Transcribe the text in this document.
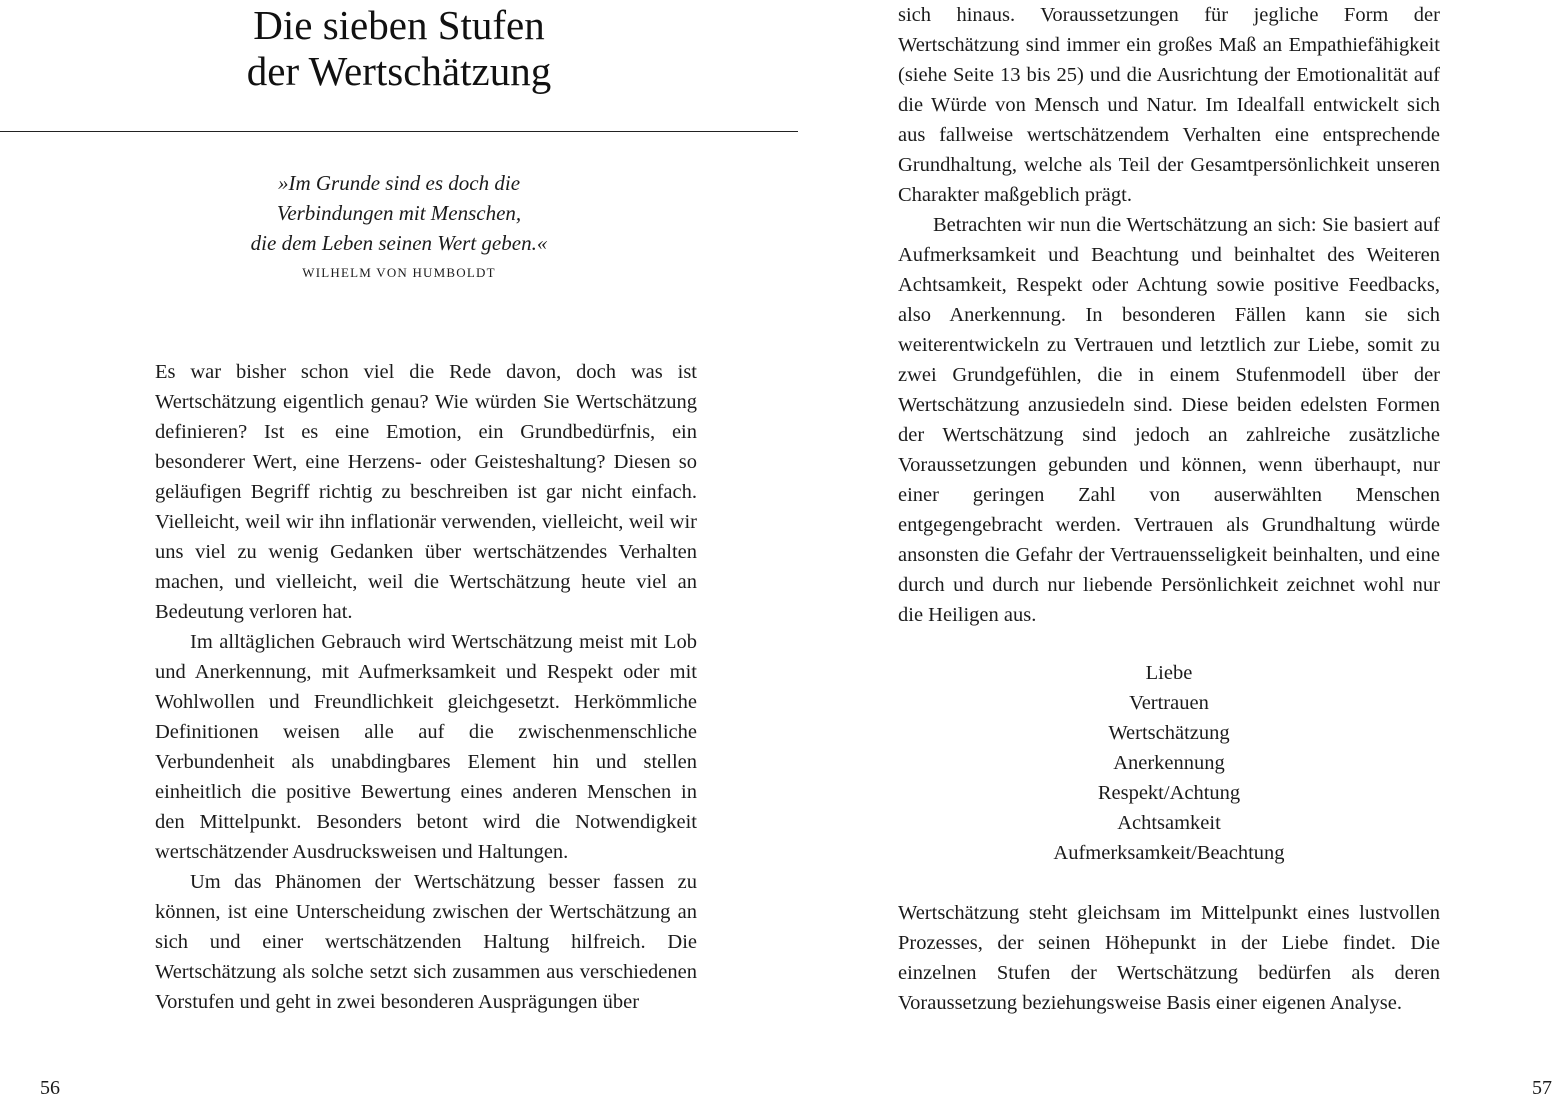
Die sieben Stufen
der Wertschätzung
»Im Grunde sind es doch die
Verbindungen mit Menschen,
die dem Leben seinen Wert geben.«
WILHELM VON HUMBOLDT

Es war bisher schon viel die Rede davon, doch was ist Wertschätzung eigentlich genau? Wie würden Sie Wertschätzung definieren? Ist es eine Emotion, ein Grundbedürfnis, ein besonderer Wert, eine Herzens- oder Geisteshaltung? Diesen so geläufigen Begriff richtig zu beschreiben ist gar nicht einfach. Vielleicht, weil wir ihn inflationär verwenden, vielleicht, weil wir uns viel zu wenig Gedanken über wertschätzendes Verhalten machen, und vielleicht, weil die Wertschätzung heute viel an Bedeutung verloren hat.

Im alltäglichen Gebrauch wird Wertschätzung meist mit Lob und Anerkennung, mit Aufmerksamkeit und Respekt oder mit Wohlwollen und Freundlichkeit gleichgesetzt. Herkömmliche Definitionen weisen alle auf die zwischenmenschliche Verbundenheit als unabdingbares Element hin und stellen einheitlich die positive Bewertung eines anderen Menschen in den Mittelpunkt. Besonders betont wird die Notwendigkeit wertschätzender Ausdrucksweisen und Haltungen.

Um das Phänomen der Wertschätzung besser fassen zu können, ist eine Unterscheidung zwischen der Wertschätzung an sich und einer wertschätzenden Haltung hilfreich. Die Wertschätzung als solche setzt sich zusammen aus verschiedenen Vorstufen und geht in zwei besonderen Ausprägungen über

56

sich hinaus. Voraussetzungen für jegliche Form der Wertschätzung sind immer ein großes Maß an Empathiefähigkeit (siehe Seite 13 bis 25) und die Ausrichtung der Emotionalität auf die Würde von Mensch und Natur. Im Idealfall entwickelt sich aus fallweise wertschätzendem Verhalten eine entsprechende Grundhaltung, welche als Teil der Gesamtpersönlichkeit unseren Charakter maßgeblich prägt.

Betrachten wir nun die Wertschätzung an sich: Sie basiert auf Aufmerksamkeit und Beachtung und beinhaltet des Weiteren Achtsamkeit, Respekt oder Achtung sowie positive Feedbacks, also Anerkennung. In besonderen Fällen kann sie sich weiterentwickeln zu Vertrauen und letztlich zur Liebe, somit zu zwei Grundgefühlen, die in einem Stufenmodell über der Wertschätzung anzusiedeln sind. Diese beiden edelsten Formen der Wertschätzung sind jedoch an zahlreiche zusätzliche Voraussetzungen gebunden und können, wenn überhaupt, nur einer geringen Zahl von auserwählten Menschen entgegengebracht werden. Vertrauen als Grundhaltung würde ansonsten die Gefahr der Vertrauensseligkeit beinhalten, und eine durch und durch nur liebende Persönlichkeit zeichnet wohl nur die Heiligen aus.

Liebe
Vertrauen
Wertschätzung
Anerkennung
Respekt/Achtung
Achtsamkeit
Aufmerksamkeit/Beachtung

Wertschätzung steht gleichsam im Mittelpunkt eines lustvollen Prozesses, der seinen Höhepunkt in der Liebe findet. Die einzelnen Stufen der Wertschätzung bedürfen als deren Voraussetzung beziehungsweise Basis einer eigenen Analyse.

57
